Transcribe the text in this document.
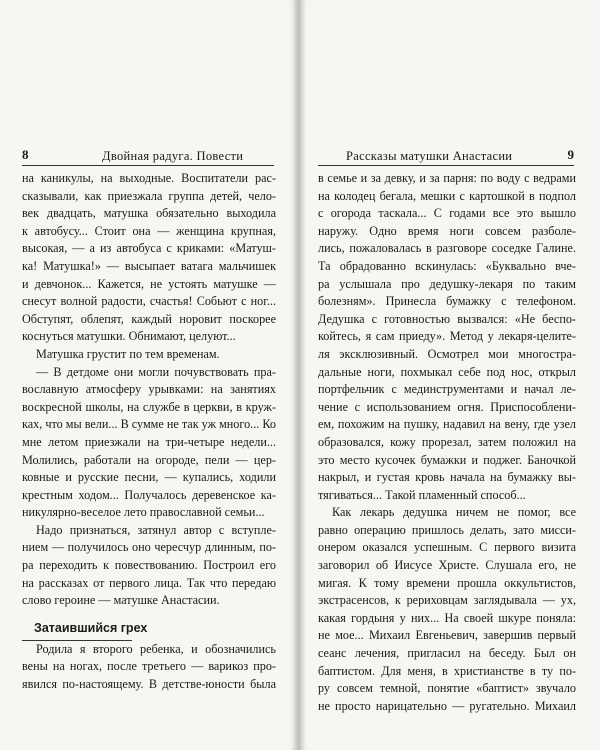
8	Двойная радуга. Повести
на каникулы, на выходные. Воспитатели рас-
сказывали, как приезжала группа детей, чело-
век двадцать, матушка обязательно выходила
к автобусу... Стоит она — женщина крупная,
высокая, — а из автобуса с криками: «Матуш-
ка! Матушка!» — высыпает ватага мальчишек
и девчонок... Кажется, не устоять матушке —
снесут волной радости, счастья! Собьют с ног...
Обступят, облепят, каждый норовит поскорее
коснуться матушки. Обнимают, целуют...
Матушка грустит по тем временам.
— В детдоме они могли почувствовать пра-
вославную атмосферу урывками: на занятиях
воскресной школы, на службе в церкви, в круж-
ках, что мы вели... В сумме не так уж много... Ко
мне летом приезжали на три-четыре недели...
Молились, работали на огороде, пели — цер-
ковные и русские песни, — купались, ходили
крестным ходом... Получалось деревенское ка-
никулярно-веселое лето православной семьи...
Надо признаться, затянул автор с вступле-
нием — получилось оно чересчур длинным, по-
ра переходить к повествованию. Построил его
на рассказах от первого лица. Так что передаю
слово героине — матушке Анастасии.
Затаившийся грех
Родила я второго ребенка, и обозначились
вены на ногах, после третьего — варикоз про-
явился по-настоящему. В детстве-юности была
Рассказы матушки Анастасии	9
в семье и за девку, и за парня: по воду с ведрами
на колодец бегала, мешки с картошкой в подпол
с огорода таскала... С годами все это вышло
наружу. Одно время ноги совсем разболе-
лись, пожаловалась в разговоре соседке Галине.
Та обрадованно вскинулась: «Буквально вче-
ра услышала про дедушку-лекаря по таким
болезням». Принесла бумажку с телефоном.
Дедушка с готовностью вызвался: «Не беспо-
койтесь, я сам приеду». Метод у лекаря-целите-
ля эксклюзивный. Осмотрел мои многостра-
дальные ноги, похмыкал себе под нос, открыл
портфельчик с мединструментами и начал ле-
чение с использованием огня. Приспособлени-
ем, похожим на пушку, надавил на вену, где узел
образовался, кожу прорезал, затем положил на
это место кусочек бумажки и поджег. Баночкой
накрыл, и густая кровь начала на бумажку вы-
тягиваться... Такой пламенный способ...
Как лекарь дедушка ничем не помог, все
равно операцию пришлось делать, зато мисси-
онером оказался успешным. С первого визита
заговорил об Иисусе Христе. Слушала его, не
мигая. К тому времени прошла оккультистов,
экстрасенсов, к рериховцам заглядывала — ух,
какая гордыня у них... На своей шкуре поняла:
не мое... Михаил Евгеньевич, завершив первый
сеанс лечения, пригласил на беседу. Был он
баптистом. Для меня, в христианстве в ту по-
ру совсем темной, понятие «баптист» звучало
не просто нарицательно — ругательно. Михаил
